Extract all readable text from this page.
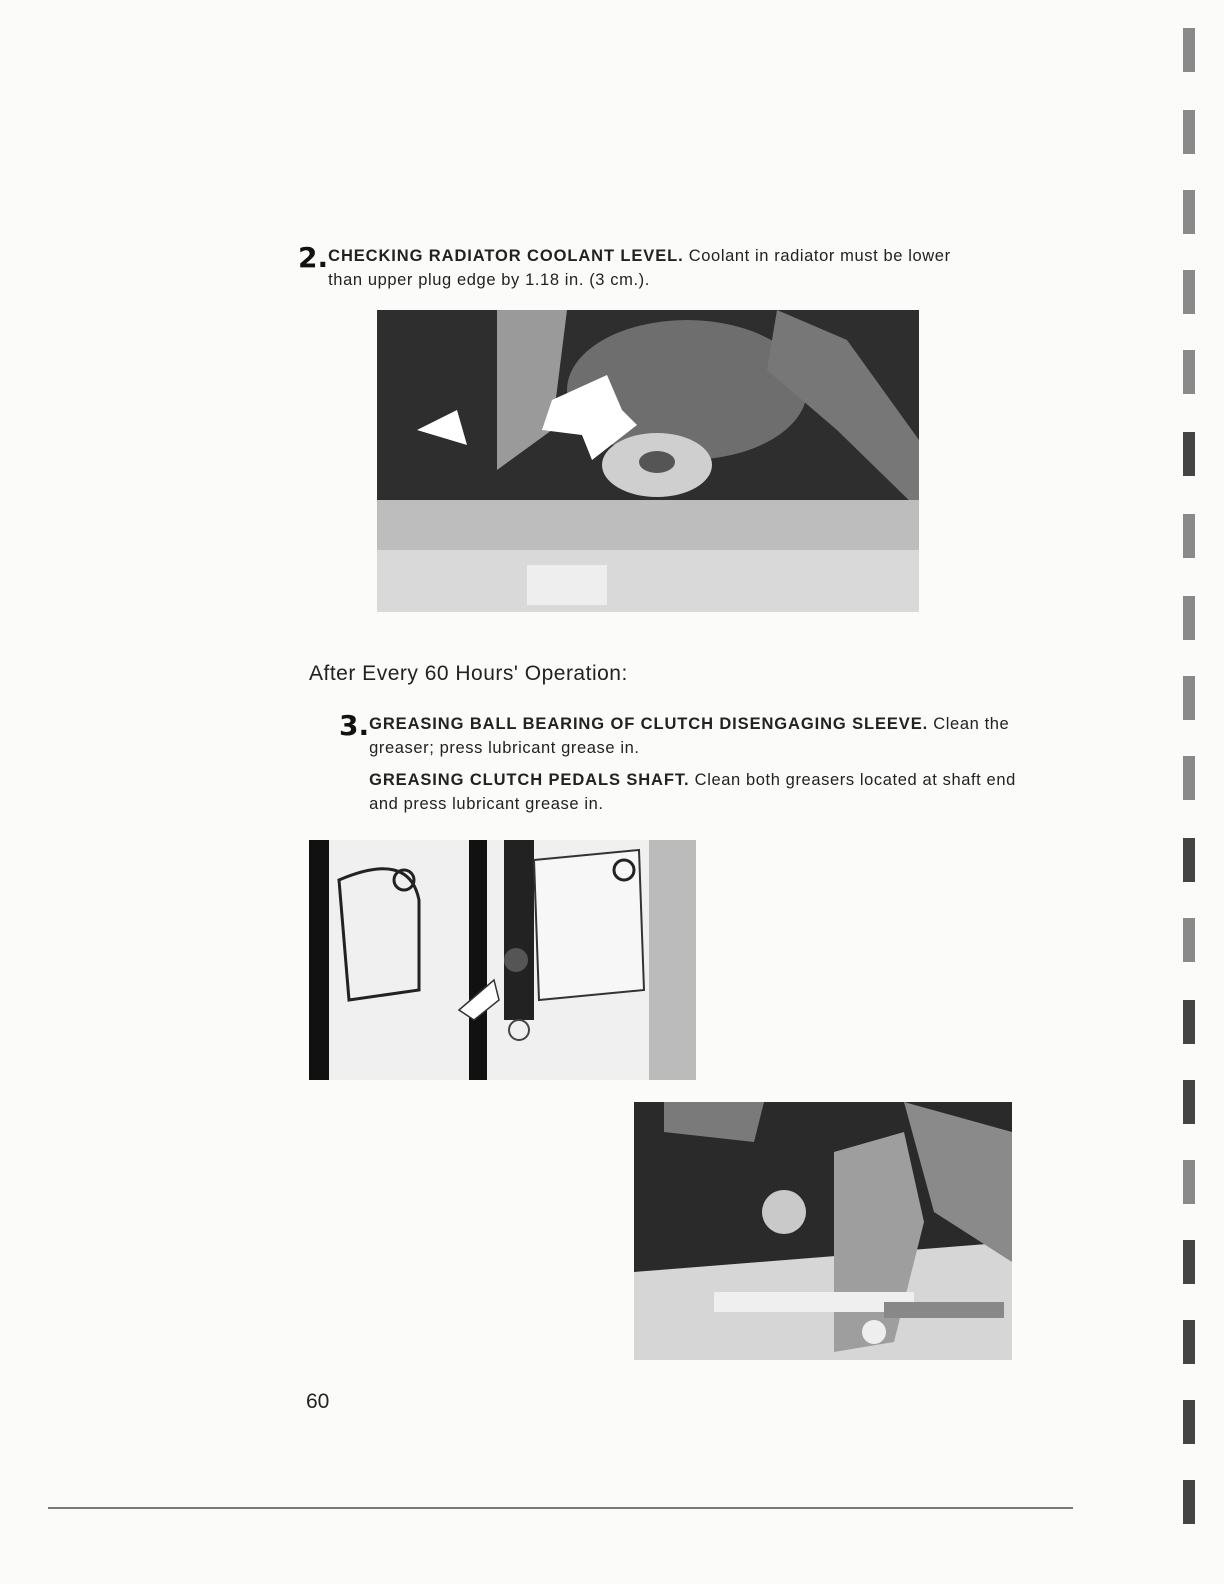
2. CHECKING RADIATOR COOLANT LEVEL. Coolant in radiator must be lower than upper plug edge by 1.18 in. (3 cm.).

After Every 60 Hours' Operation:
3. GREASING BALL BEARING OF CLUTCH DISENGAGING SLEEVE. Clean the greaser; press lubricant grease in.

GREASING CLUTCH PEDALS SHAFT. Clean both greasers located at shaft end and press lubricant grease in.

60
